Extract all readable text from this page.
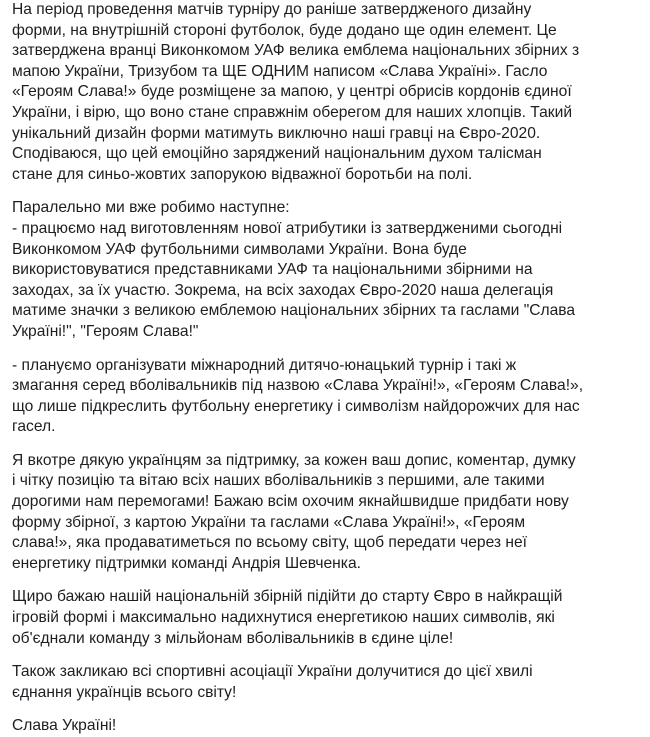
На період проведення матчів турніру до раніше затвердженого дизайну
форми, на внутрішній стороні футболок, буде додано ще один елемент. Це
затверджена вранці Виконкомом УАФ велика емблема національних збірних з
мапою України, Тризубом та ЩЕ ОДНИМ написом «Слава Україні». Гасло
«Героям Слава!» буде розміщене за мапою, у центрі обрисів кордонів єдиної
України, і вірю, що воно стане справжнім оберегом для наших хлопців. Такий
унікальний дизайн форми матимуть виключно наші гравці на Євро-2020.
Сподіваюся, що цей емоційно заряджений національним духом талісман
стане для синьо-жовтих запорукою відважної боротьби на полі.

Паралельно ми вже робимо наступне:
- працюємо над виготовленням нової атрибутики із затвердженими сьогодні
Виконкомом УАФ футбольними символами України. Вона буде
використовуватися представниками УАФ та національними збірними на
заходах, за їх участю. Зокрема, на всіх заходах Євро-2020 наша делегація
матиме значки з великою емблемою національних збірних та гаслами "Слава
Україні!", "Героям Слава!"

- плануємо організувати міжнародний дитячо-юнацький турнір і такі ж
змагання серед вболівальників під назвою «Слава Україні!», «Героям Слава!»,
що лише підкреслить футбольну енергетику і символізм найдорожчих для нас
гасел.

Я вкотре дякую українцям за підтримку, за кожен ваш допис, коментар, думку
і чітку позицію та вітаю всіх наших вболівальників з першими, але такими
дорогими нам перемогами! Бажаю всім охочим якнайшвидше придбати нову
форму збірної, з картою України та гаслами «Слава Україні!», «Героям
слава!», яка продаватиметься по всьому світу, щоб передати через неї
енергетику підтримки команді Андрія Шевченка.

Щиро бажаю нашій національній збірній підійти до старту Євро в найкращій
ігровій формі і максимально надихнутися енергетикою наших символів, які
об'єднали команду з мільйонам вболівальників в єдине ціле!

Також закликаю всі спортивні асоціації України долучитися до цієї хвилі
єднання українців всього світу!

Слава Україні!
